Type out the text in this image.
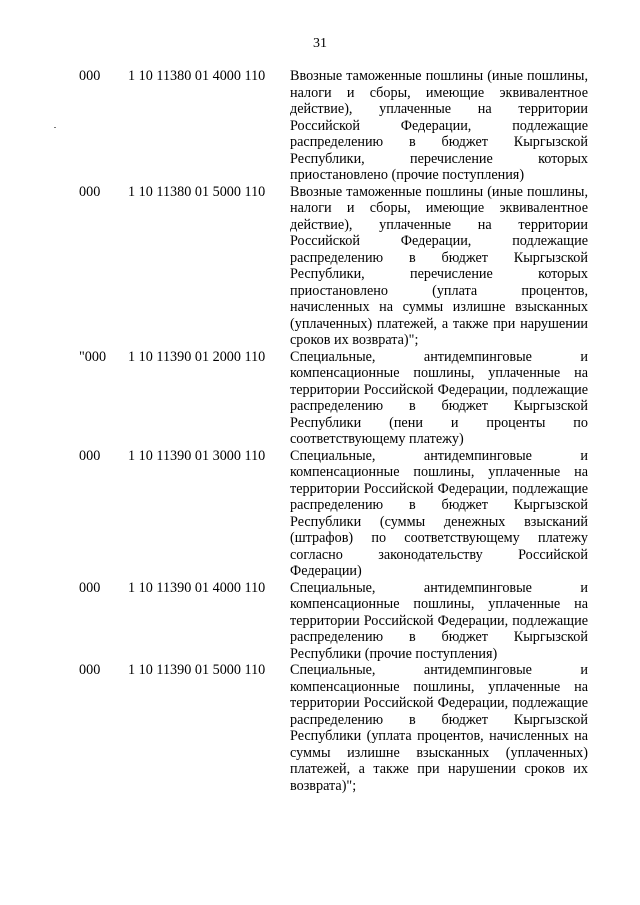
31
000	1 10 11380 01 4000 110	Ввозные таможенные пошлины (иные пошлины, налоги и сборы, имеющие эквивалентное действие), уплаченные на территории Российской Федерации, подлежащие распределению в бюджет Кыргызской Республики, перечисление которых приостановлено (прочие поступления)
000	1 10 11380 01 5000 110	Ввозные таможенные пошлины (иные пошлины, налоги и сборы, имеющие эквивалентное действие), уплаченные на территории Российской Федерации, подлежащие распределению в бюджет Кыргызской Республики, перечисление которых приостановлено (уплата процентов, начисленных на суммы излишне взысканных (уплаченных) платежей, а также при нарушении сроков их возврата)";
"000	1 10 11390 01 2000 110	Специальные, антидемпинговые и компенсационные пошлины, уплаченные на территории Российской Федерации, подлежащие распределению в бюджет Кыргызской Республики (пени и проценты по соответствующему платежу)
000	1 10 11390 01 3000 110	Специальные, антидемпинговые и компенсационные пошлины, уплаченные на территории Российской Федерации, подлежащие распределению в бюджет Кыргызской Республики (суммы денежных взысканий (штрафов) по соответствующему платежу согласно законодательству Российской Федерации)
000	1 10 11390 01 4000 110	Специальные, антидемпинговые и компенсационные пошлины, уплаченные на территории Российской Федерации, подлежащие распределению в бюджет Кыргызской Республики (прочие поступления)
000	1 10 11390 01 5000 110	Специальные, антидемпинговые и компенсационные пошлины, уплаченные на территории Российской Федерации, подлежащие распределению в бюджет Кыргызской Республики (уплата процентов, начисленных на суммы излишне взысканных (уплаченных) платежей, а также при нарушении сроков их возврата)";
